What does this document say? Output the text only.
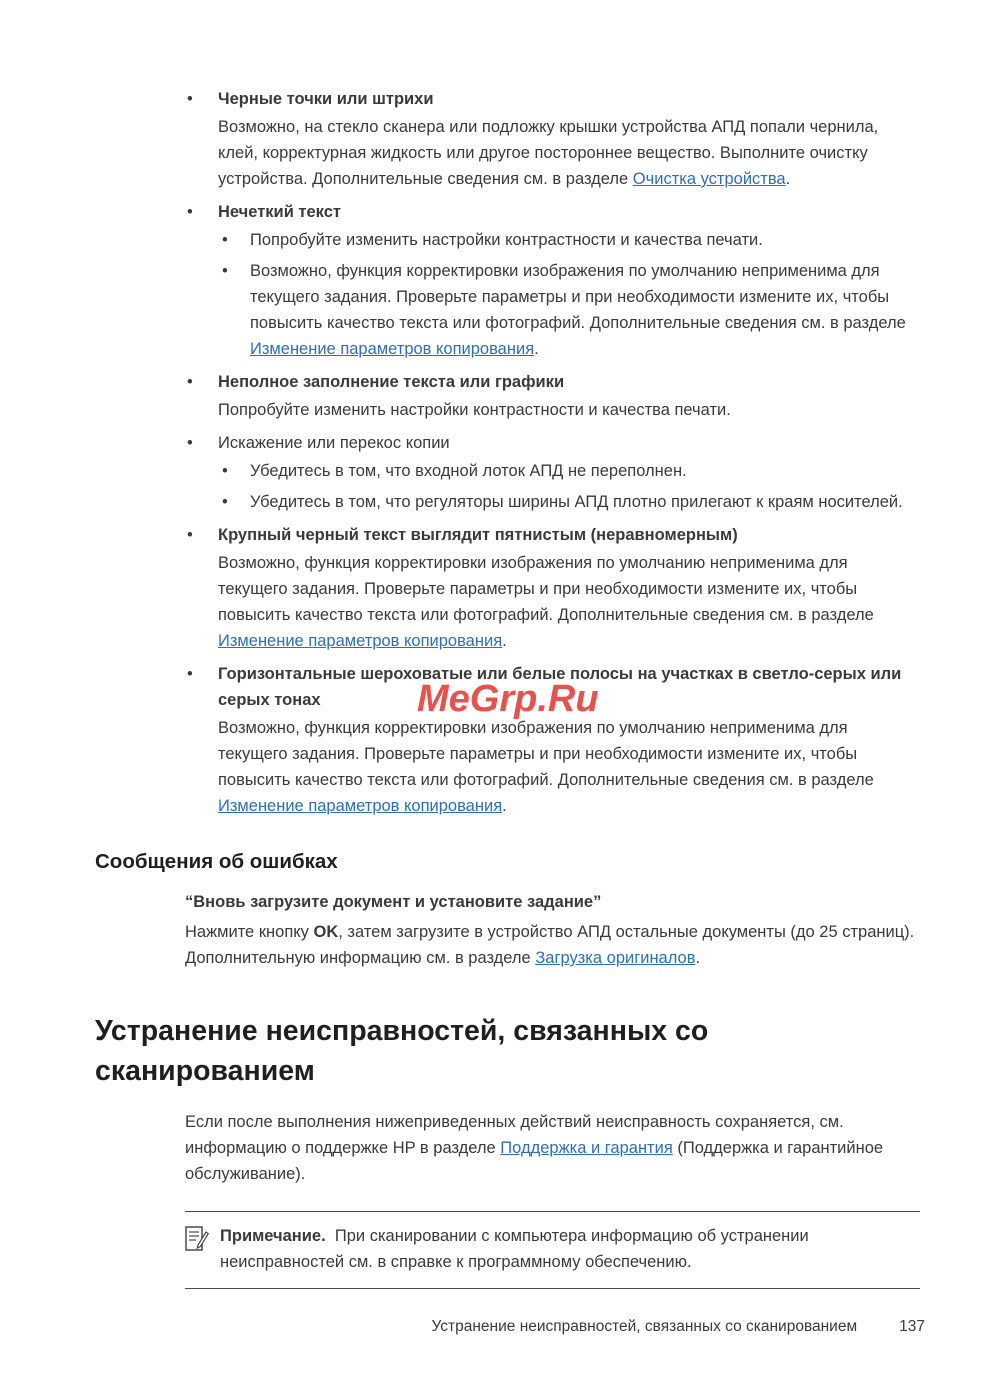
• Черные точки или штрихи

Возможно, на стекло сканера или подложку крышки устройства АПД попали чернила, клей, корректурная жидкость или другое постороннее вещество. Выполните очистку устройства. Дополнительные сведения см. в разделе Очистка устройства.

• Нечеткий текст

• Попробуйте изменить настройки контрастности и качества печати.

• Возможно, функция корректировки изображения по умолчанию неприменима для текущего задания. Проверьте параметры и при необходимости измените их, чтобы повысить качество текста или фотографий. Дополнительные сведения см. в разделе Изменение параметров копирования.

• Неполное заполнение текста или графики

Попробуйте изменить настройки контрастности и качества печати.

• Искажение или перекос копии

• Убедитесь в том, что входной лоток АПД не переполнен.

• Убедитесь в том, что регуляторы ширины АПД плотно прилегают к краям носителей.

• Крупный черный текст выглядит пятнистым (неравномерным)

Возможно, функция корректировки изображения по умолчанию неприменима для текущего задания. Проверьте параметры и при необходимости измените их, чтобы повысить качество текста или фотографий. Дополнительные сведения см. в разделе Изменение параметров копирования.

• Горизонтальные шероховатые или белые полосы на участках в светло-серых или серых тонах

Возможно, функция корректировки изображения по умолчанию неприменима для текущего задания. Проверьте параметры и при необходимости измените их, чтобы повысить качество текста или фотографий. Дополнительные сведения см. в разделе Изменение параметров копирования.

Сообщения об ошибках

“Вновь загрузите документ и установите задание”

Нажмите кнопку OK, затем загрузите в устройство АПД остальные документы (до 25 страниц). Дополнительную информацию см. в разделе Загрузка оригиналов.

Устранение неисправностей, связанных со сканированием

Если после выполнения нижеприведенных действий неисправность сохраняется, см. информацию о поддержке HP в разделе Поддержка и гарантия (Поддержка и гарантийное обслуживание).

Примечание.  При сканировании с компьютера информацию об устранении неисправностей см. в справке к программному обеспечению.

MeGrp.Ru
Устранение неисправностей, связанных со сканированием	137
